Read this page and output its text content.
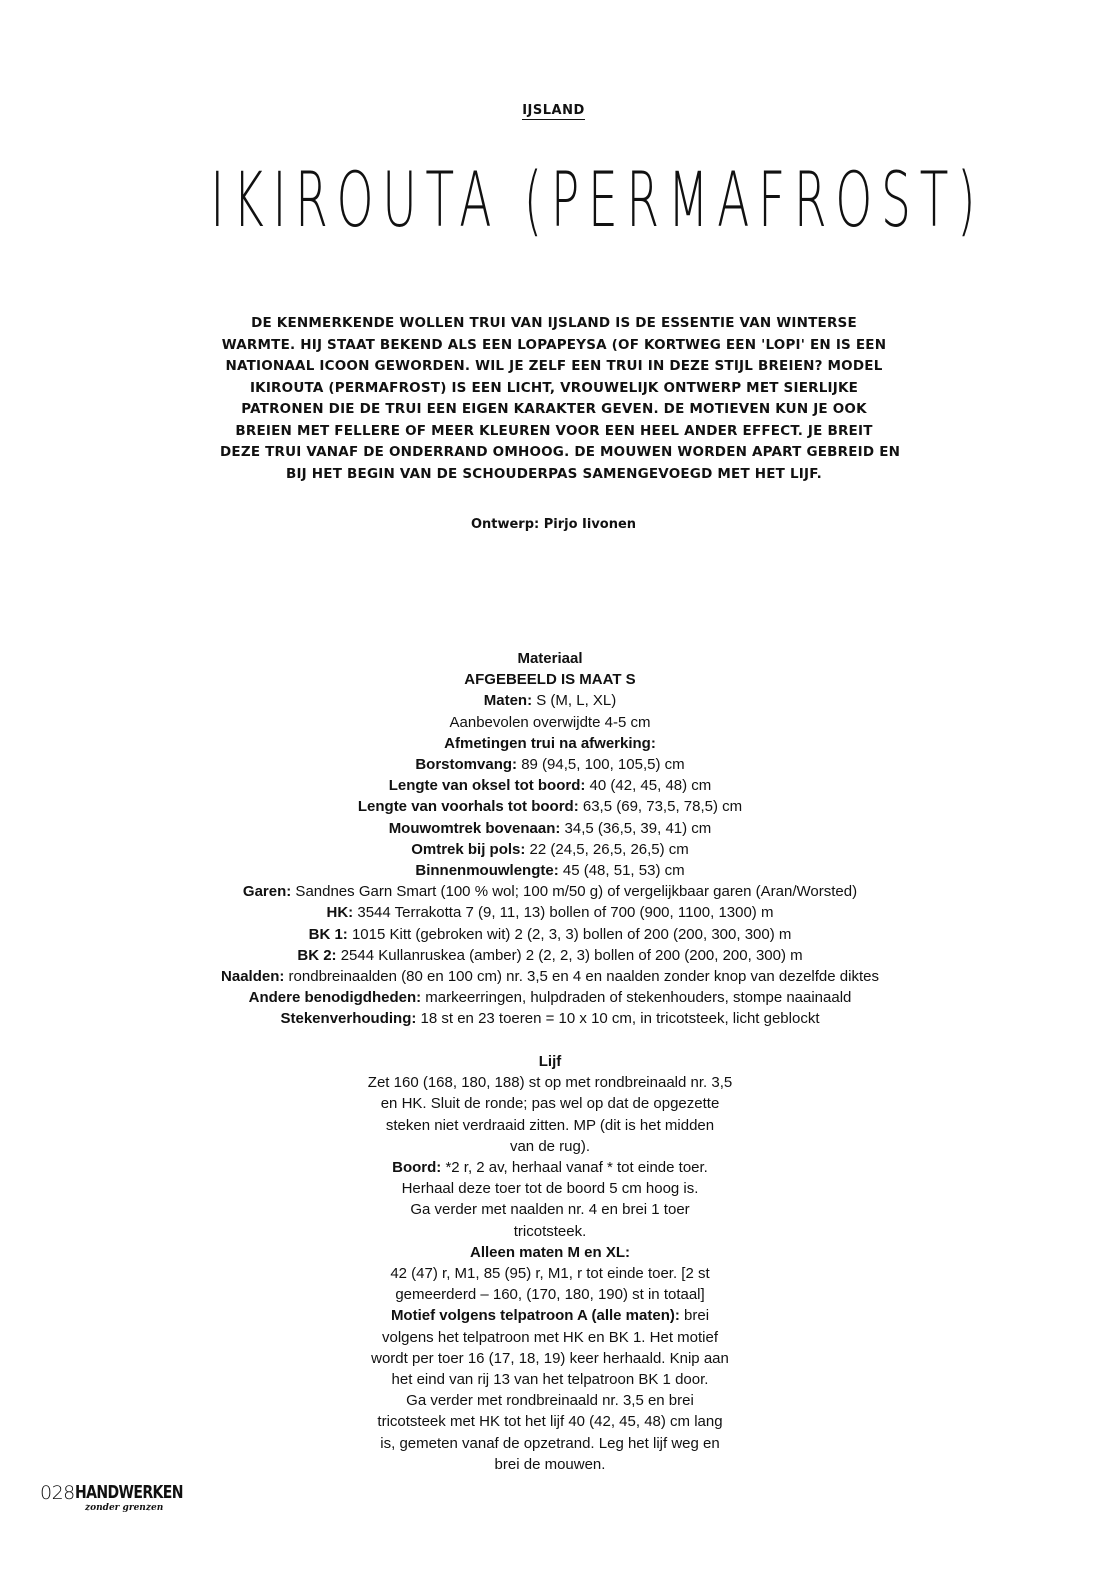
IJSLAND
IKIROUTA (PERMAFROST)
DE KENMERKENDE WOLLEN TRUI VAN IJSLAND IS DE ESSENTIE VAN WINTERSE
WARMTE. HIJ STAAT BEKEND ALS EEN LOPAPEYSA (OF KORTWEG EEN 'LOPI' EN IS EEN
NATIONAAL ICOON GEWORDEN. WIL JE ZELF EEN TRUI IN DEZE STIJL BREIEN? MODEL
IKIROUTA (PERMAFROST) IS EEN LICHT, VROUWELIJK ONTWERP MET SIERLIJKE
PATRONEN DIE DE TRUI EEN EIGEN KARAKTER GEVEN. DE MOTIEVEN KUN JE OOK
BREIEN MET FELLERE OF MEER KLEUREN VOOR EEN HEEL ANDER EFFECT. JE BREIT
DEZE TRUI VANAF DE ONDERRAND OMHOOG. DE MOUWEN WORDEN APART GEBREID EN
BIJ HET BEGIN VAN DE SCHOUDERPAS SAMENGEVOEGD MET HET LIJF.
Ontwerp: Pirjo Iivonen
Materiaal
AFGEBEELD IS MAAT S
Maten: S (M, L, XL)
Aanbevolen overwijdte 4-5 cm
Afmetingen trui na afwerking:
Borstomvang: 89 (94,5, 100, 105,5) cm
Lengte van oksel tot boord: 40 (42, 45, 48) cm
Lengte van voorhals tot boord: 63,5 (69, 73,5, 78,5) cm
Mouwomtrek bovenaan: 34,5 (36,5, 39, 41) cm
Omtrek bij pols: 22 (24,5, 26,5, 26,5) cm
Binnenmouwlengte: 45 (48, 51, 53) cm
Garen: Sandnes Garn Smart (100 % wol; 100 m/50 g) of vergelijkbaar garen (Aran/Worsted)
HK: 3544 Terrakotta 7 (9, 11, 13) bollen of 700 (900, 1100, 1300) m
BK 1: 1015 Kitt (gebroken wit) 2 (2, 3, 3) bollen of 200 (200, 300, 300) m
BK 2: 2544 Kullanruskea (amber) 2 (2, 2, 3) bollen of 200 (200, 200, 300) m
Naalden: rondbreinaalden (80 en 100 cm) nr. 3,5 en 4 en naalden zonder knop van dezelfde diktes
Andere benodigdheden: markeerringen, hulpdraden of stekenhouders, stompe naainaald
Stekenverhouding: 18 st en 23 toeren = 10 x 10 cm, in tricotsteek, licht geblockt
Lijf
Zet 160 (168, 180, 188) st op met rondbreinaald nr. 3,5
en HK. Sluit de ronde; pas wel op dat de opgezette
steken niet verdraaid zitten. MP (dit is het midden
van de rug).
Boord: *2 r, 2 av, herhaal vanaf * tot einde toer.
Herhaal deze toer tot de boord 5 cm hoog is.
Ga verder met naalden nr. 4 en brei 1 toer
tricotsteek.
Alleen maten M en XL:
42 (47) r, M1, 85 (95) r, M1, r tot einde toer. [2 st
gemeerderd – 160, (170, 180, 190) st in totaal]
Motief volgens telpatroon A (alle maten): brei
volgens het telpatroon met HK en BK 1. Het motief
wordt per toer 16 (17, 18, 19) keer herhaald. Knip aan
het eind van rij 13 van het telpatroon BK 1 door.
Ga verder met rondbreinaald nr. 3,5 en brei
tricotsteek met HK tot het lijf 40 (42, 45, 48) cm lang
is, gemeten vanaf de opzetrand. Leg het lijf weg en
brei de mouwen.
028HANDWERKEN
zonder grenzen
